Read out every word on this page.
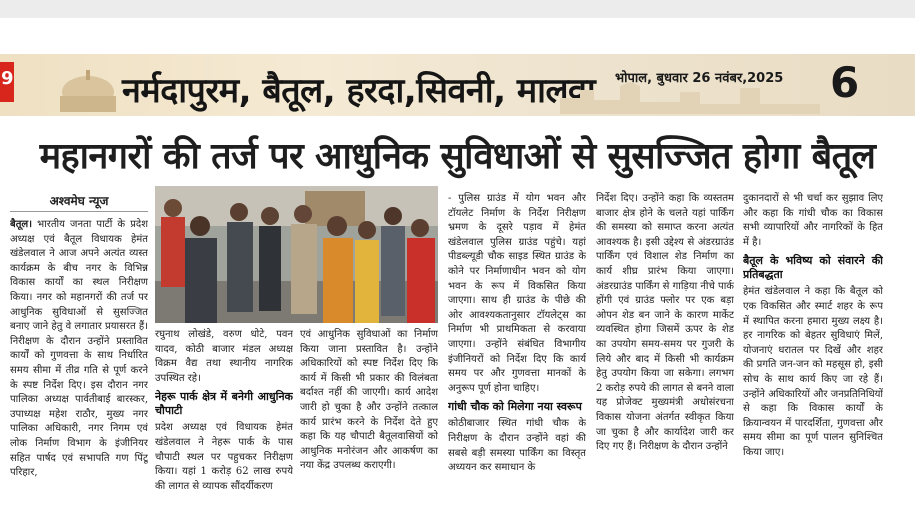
9	नर्मदापुरम, बैतूल, हरदा,सिवनी, मालवा भोपाल, बुधवार 26 नवंबर,2025 6
महानगरों की तर्ज पर आधुनिक सुविधाओं से सुसज्जित होगा बैतूल
अश्वमेघ न्यूज

बैतूल। भारतीय जनता पार्टी के प्रदेश अध्यक्ष एवं बैतूल विधायक हेमंत खंडेलवाल ने आज अपने अत्यंत व्यस्त कार्यक्रम के बीच नगर के विभिन्न विकास कार्यों का स्थल निरीक्षण किया। नगर को महानगरों की तर्ज पर आधुनिक सुविधाओं से सुसज्जित बनाए जाने हेतु वे लगातार प्रयासरत हैं। निरीक्षण के दौरान उन्होंने प्रस्तावित कार्यों को गुणवत्ता के साथ निर्धारित समय सीमा में तीव्र गति से पूर्ण करने के स्पष्ट निर्देश दिए। इस दौरान नगर पालिका अध्यक्ष पार्वतीबाई बारस्कर, उपाध्यक्ष महेश राठौर, मुख्य नगर पालिका अधिकारी, नगर निगम एवं लोक निर्माण विभाग के इंजीनियर सहित पार्षद एवं सभापति गण पिंटू परिहार,

रघुनाथ लोखंडे, वरुण धोटे, पवन यादव, कोठी बाजार मंडल अध्यक्ष विक्रम वैद्य तथा स्थानीय नागरिक उपस्थित रहे।

नेहरू पार्क क्षेत्र में बनेगी आधुनिक चौपाटी

प्रदेश अध्यक्ष एवं विधायक हेमंत खंडेलवाल ने नेहरू पार्क के पास चौपाटी स्थल पर पहुचकर निरीक्षण किया। यहां 1 करोड़ 62 लाख रुपये की लागत से व्यापक सौंदर्यीकरण

एवं आधुनिक सुविधाओं का निर्माण किया जाना प्रस्तावित है। उन्होंने अधिकारियों को स्पष्ट निर्देश दिए कि कार्य में किसी भी प्रकार की विलंबता बर्दाश्त नहीं की जाएगी। कार्य आदेश जारी हो चुका है और उन्होंने तत्काल कार्य प्रारंभ करने के निर्देश देते हुए कहा कि यह चौपाटी बैतूलवासियों को आधुनिक मनोरंजन और आकर्षण का नया केंद्र उपलब्ध कराएगी।

- पुलिस ग्राउंड में योग भवन और टॉयलेट निर्माण के निर्देश निरीक्षण भ्रमण के दूसरे पड़ाव में हेमंत खंडेलवाल पुलिस ग्राउंड पहुंचे। यहां पीडब्ल्यूडी चौक साइड स्थित ग्राउंड के कोने पर निर्माणाधीन भवन को योग भवन के रूप में विकसित किया जाएगा। साथ ही ग्राउंड के पीछे की ओर आवश्यकतानुसार टॉयलेट्स का निर्माण भी प्राथमिकता से करवाया जाएगा। उन्होंने संबंधित विभागीय इंजीनियरों को निर्देश दिए कि कार्य समय पर और गुणवत्ता मानकों के अनुरूप पूर्ण होना चाहिए।

गांधी चौक को मिलेगा नया स्वरूप

कोठीबाजार स्थित गांधी चौक के निरीक्षण के दौरान उन्होंने वहां की सबसे बड़ी समस्या पार्किंग का विस्तृत अध्ययन कर समाधान के

निर्देश दिए। उन्होंने कहा कि व्यस्ततम बाजार क्षेत्र होने के चलते यहां पार्किंग की समस्या को समाप्त करना अत्यंत आवश्यक है। इसी उद्देश्य से अंडरग्राउंड पार्किंग एवं विशाल शेड निर्माण का कार्य शीघ्र प्रारंभ किया जाएगा। अंडरग्राउंड पार्किंग से गाड़िया नीचे पार्क होंगी एवं ग्राउंड फ्लोर पर एक बड़ा ओपन शेड बन जाने के कारण मार्केट व्यवस्थित होगा जिसमें ऊपर के शेड का उपयोग समय-समय पर गुजरी के लिये और बाद में किसी भी कार्यक्रम हेतु उपयोग किया जा सकेगा। लगभग 2 करोड़ रुपये की लागत से बनने वाला यह प्रोजेक्ट मुख्यमंत्री अधोसंरचना विकास योजना अंतर्गत स्वीकृत किया जा चुका है और कार्यादेश जारी कर दिए गए हैं। निरीक्षण के दौरान उन्होंने

दुकानदारों से भी चर्चा कर सुझाव लिए और कहा कि गांधी चौक का विकास सभी व्यापारियों और नागरिकों के हित में है।

बैतूल के भविष्य को संवारने की प्रतिबद्धता

हेमंत खंडेलवाल ने कहा कि बैतूल को एक विकसित और स्मार्ट शहर के रूप में स्थापित करना हमारा मुख्य लक्ष्य है। हर नागरिक को बेहतर सुविधाएं मिलें, योजनाएं धरातल पर दिखें और शहर की प्रगति जन-जन को महसूस हो, इसी सोच के साथ कार्य किए जा रहे हैं। उन्होंने अधिकारियों और जनप्रतिनिधियों से कहा कि विकास कार्यों के क्रियान्वयन में पारदर्शिता, गुणवत्ता और समय सीमा का पूर्ण पालन सुनिश्चित किया जाए।
